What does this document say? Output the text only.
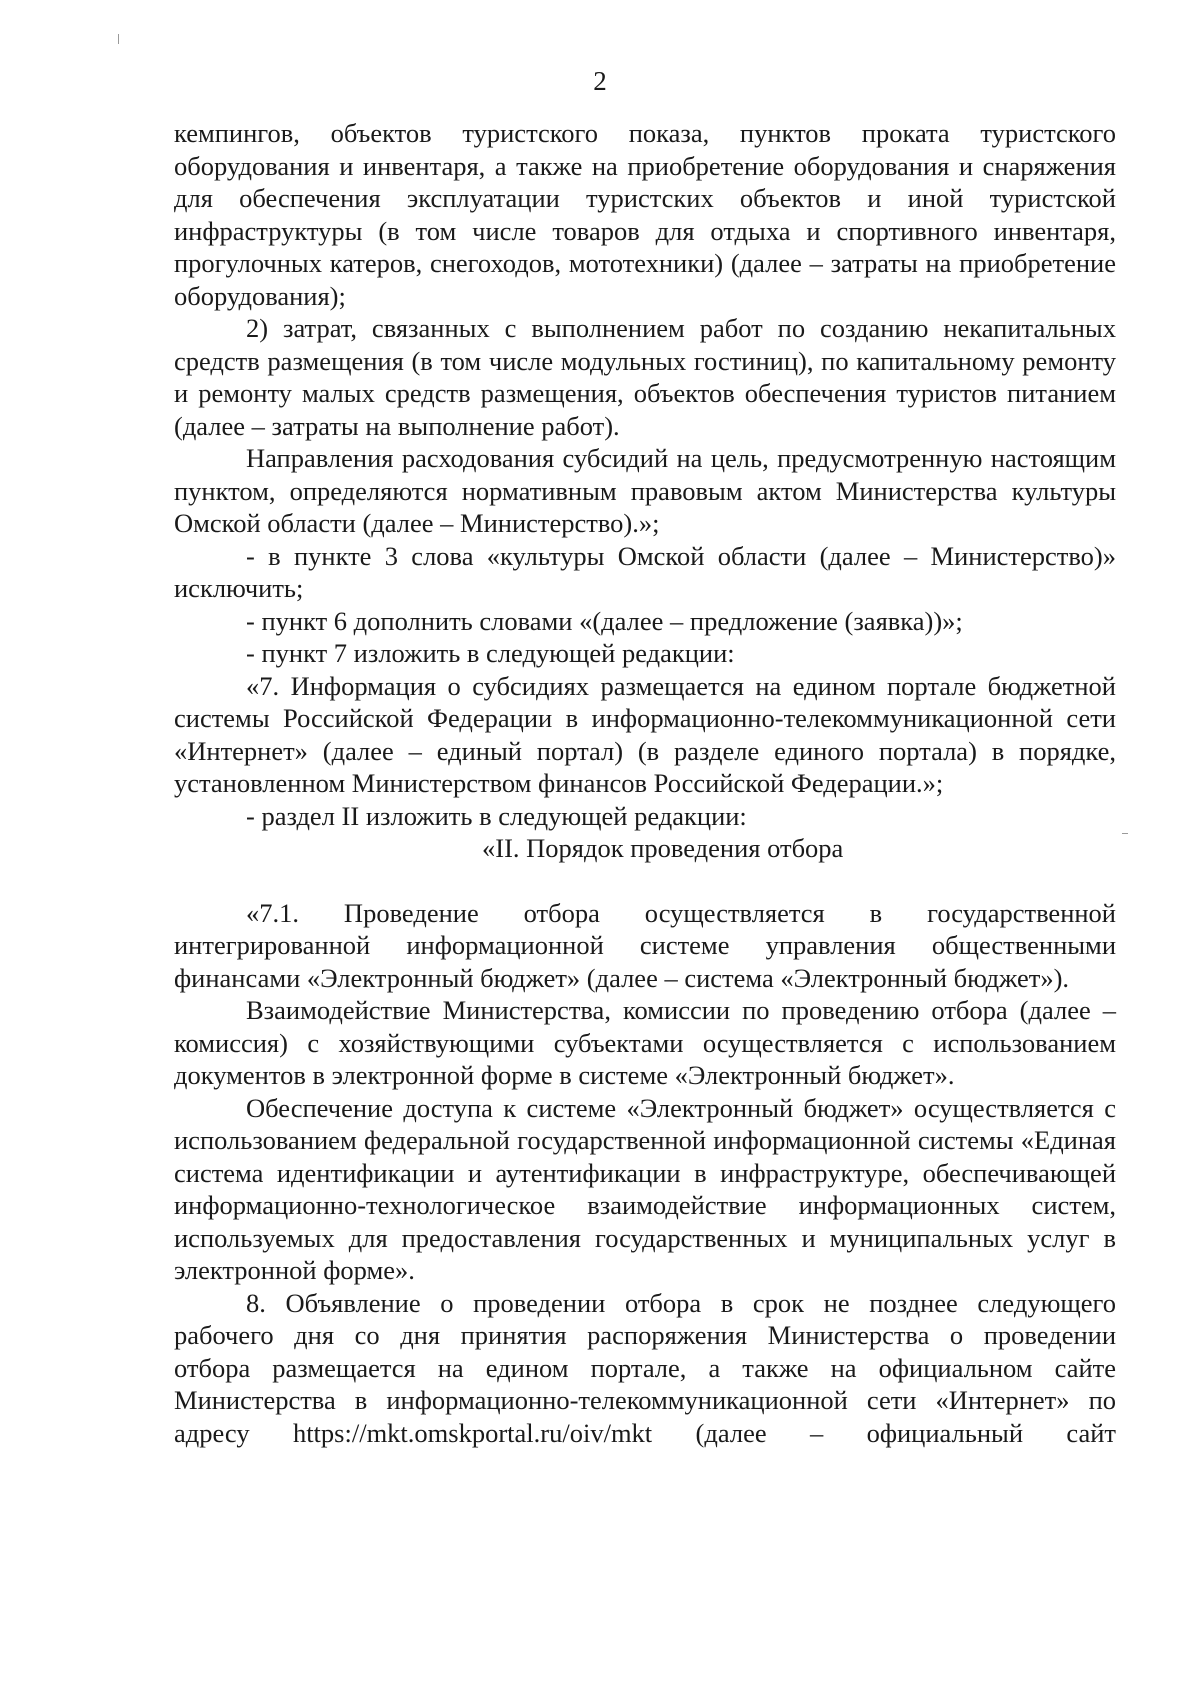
2

кемпингов, объектов туристского показа, пунктов проката туристского оборудования и инвентаря, а также на приобретение оборудования и снаряжения для обеспечения эксплуатации туристских объектов и иной туристской инфраструктуры (в том числе товаров для отдыха и спортивного инвентаря, прогулочных катеров, снегоходов, мототехники) (далее – затраты на приобретение оборудования);

2) затрат, связанных с выполнением работ по созданию некапитальных средств размещения (в том числе модульных гостиниц), по капитальному ремонту и ремонту малых средств размещения, объектов обеспечения туристов питанием (далее – затраты на выполнение работ).

Направления расходования субсидий на цель, предусмотренную настоящим пунктом, определяются нормативным правовым актом Министерства культуры Омской области (далее – Министерство).»;

- в пункте 3 слова «культуры Омской области (далее – Министерство)» исключить;

- пункт 6 дополнить словами «(далее – предложение (заявка))»;

- пункт 7 изложить в следующей редакции:

«7. Информация о субсидиях размещается на едином портале бюджетной системы Российской Федерации в информационно-телекоммуникационной сети «Интернет» (далее – единый портал) (в разделе единого портала) в порядке, установленном Министерством финансов Российской Федерации.»;

- раздел II изложить в следующей редакции:

«II. Порядок проведения отбора

«7.1. Проведение отбора осуществляется в государственной интегрированной информационной системе управления общественными финансами «Электронный бюджет» (далее – система «Электронный бюджет»).

Взаимодействие Министерства, комиссии по проведению отбора (далее – комиссия) с хозяйствующими субъектами осуществляется с использованием документов в электронной форме в системе «Электронный бюджет».

Обеспечение доступа к системе «Электронный бюджет» осуществляется с использованием федеральной государственной информационной системы «Единая система идентификации и аутентификации в инфраструктуре, обеспечивающей информационно-технологическое взаимодействие информационных систем, используемых для предоставления государственных и муниципальных услуг в электронной форме».

8. Объявление о проведении отбора в срок не позднее следующего
рабочего дня со дня принятия распоряжения Министерства о проведении
отбора размещается на едином портале, а также на официальном сайте
Министерства в информационно-телекоммуникационной сети «Интернет» по
адресу https://mkt.omskportal.ru/oiv/mkt (далее – официальный сайт
